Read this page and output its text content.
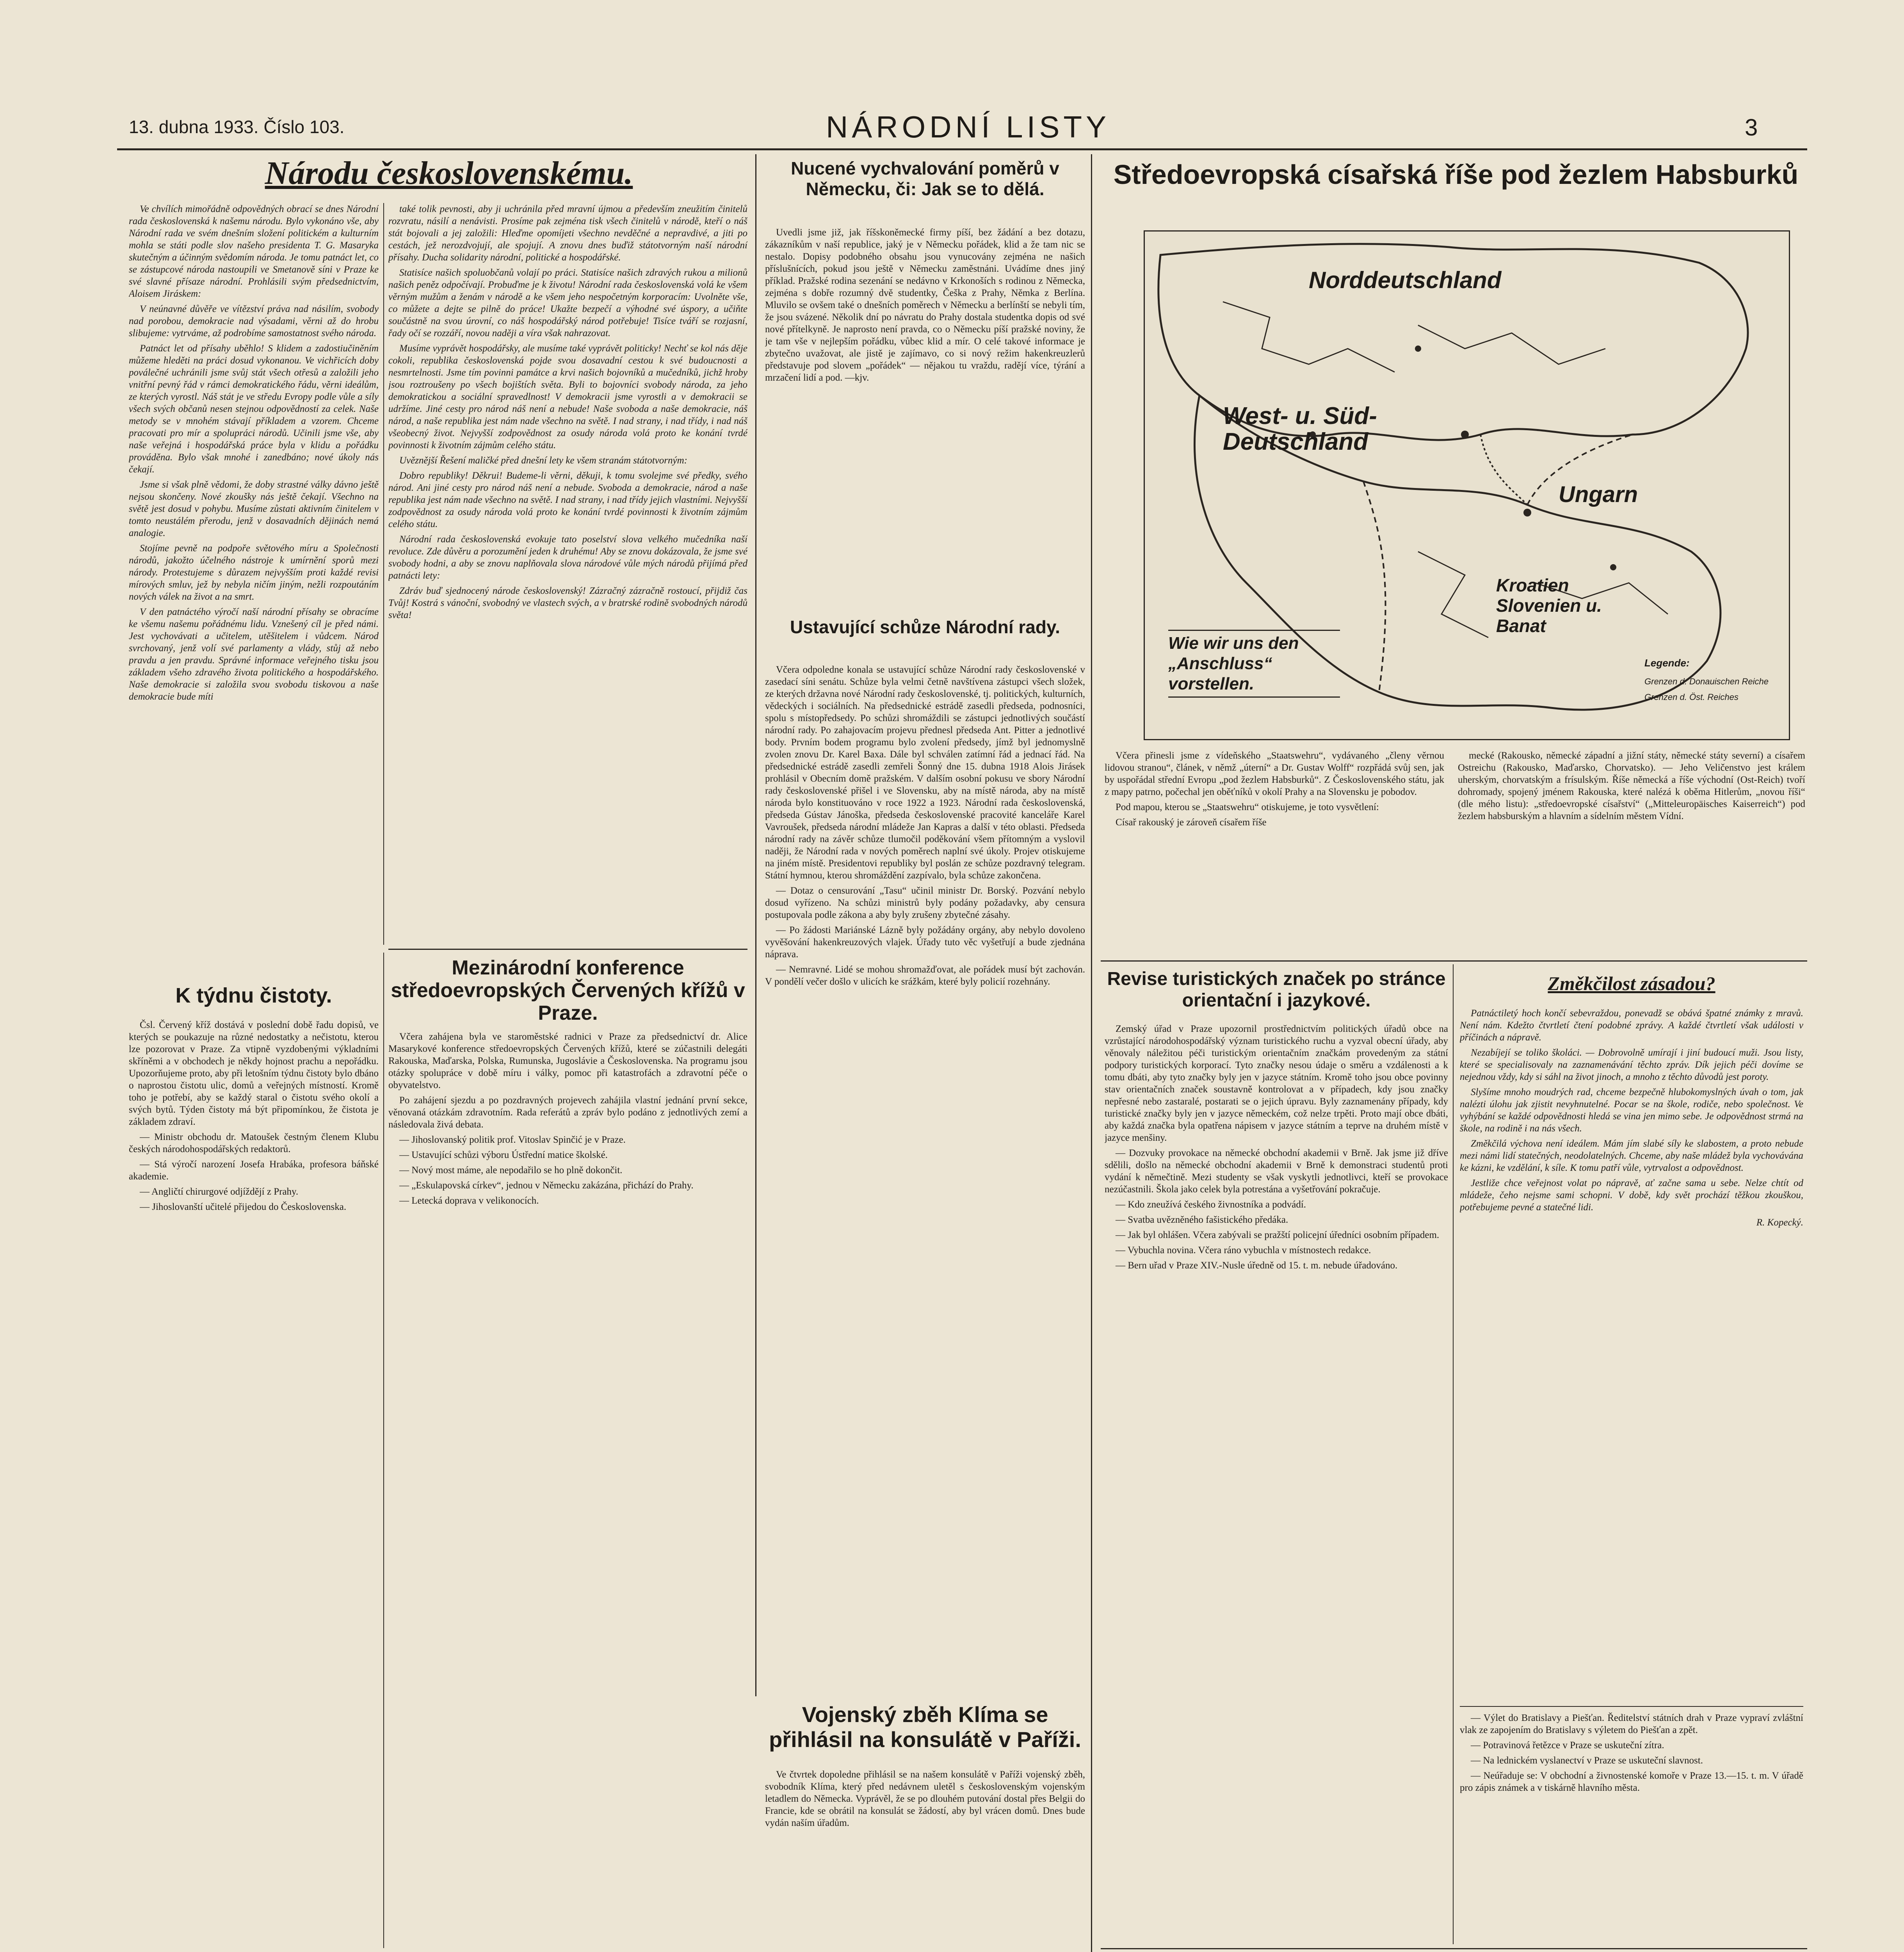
13. dubna 1933. Číslo 103.	NÁRODNÍ LISTY	3
Národu československému.

Ve chvílích mimořádně odpovědných obrací se dnes Národní rada československá k našemu národu. Bylo vykonáno vše, aby Národní rada ve svém dnešním složení politickém a kulturním mohla se státi podle slov našeho presidenta T. G. Masaryka skutečným a účinným svědomím národa. Je tomu patnáct let, co se zástupcové národa nastoupili ve Smetanově síni v Praze ke své slavné přísaze národní. Prohlásili svým předsednictvím, Aloisem Jiráskem:

V neúnavné důvěře ve vítězství práva nad násilím, svobody nad porobou, demokracie nad výsadami, věrni až do hrobu slibujeme: vytrváme, až podrobíme samostatnost svého národa.

Patnáct let od přísahy uběhlo! S klidem a zadostiučiněním můžeme hleděti na práci dosud vykonanou. Ve vichřicích doby poválečné uchránili jsme svůj stát všech otřesů a založili jeho vnitřní pevný řád v rámci demokratického řádu, věrni ideálům, ze kterých vyrostl. Náš stát je ve středu Evropy podle vůle a síly všech svých občanů nesen stejnou odpovědností za celek. Naše metody se v mnohém stávají příkladem a vzorem. Chceme pracovati pro mír a spolupráci národů. Učinili jsme vše, aby naše veřejná i hospodářská práce byla v klidu a pořádku prováděna. Bylo však mnohé i zanedbáno; nové úkoly nás čekají.

Jsme si však plně vědomi, že doby strastné války dávno ještě nejsou skončeny. Nové zkoušky nás ještě čekají. Všechno na světě jest dosud v pohybu. Musíme zůstati aktivním činitelem v tomto neustálém přerodu, jenž v dosavadních dějinách nemá analogie.

Stojíme pevně na podpoře světového míru a Společnosti národů, jakožto účelného nástroje k umírnění sporů mezi národy. Protestujeme s důrazem nejvyšším proti každé revisi mírových smluv, jež by nebyla ničím jiným, nežli rozpoutáním nových válek na život a na smrt.

V den patnáctého výročí naší národní přísahy se obracíme ke všemu našemu pořádnému lidu. Vznešený cíl je před námi. Jest vychovávati a učitelem, utěšitelem i vůdcem. Národ svrchovaný, jenž volí své parlamenty a vlády, stůj až nebo pravdu a jen pravdu. Správné informace veřejného tisku jsou základem všeho zdravého života politického a hospodářského. Naše demokracie si založila svou svobodu tiskovou a naše demokracie bude míti

také tolik pevnosti, aby ji uchránila před mravní újmou a především zneužitím činitelů rozvratu, násilí a nenávisti. Prosíme pak zejména tisk všech činitelů v národě, kteří o náš stát bojovali a jej založili: Hleďme opomíjeti všechno nevděčné a nepravdivé, a jiti po cestách, jež nerozdvojují, ale spojují. A znovu dnes buďiž státotvorným naší národní přísahy. Ducha solidarity národní, politické a hospodářské.

Statisíce našich spoluobčanů volají po práci. Statisíce našich zdravých rukou a milionů našich peněz odpočívají. Probuďme je k životu! Národní rada československá volá ke všem věrným mužům a ženám v národě a ke všem jeho nespočetným korporacím: Uvolněte vše, co můžete a dejte se pilně do práce! Ukažte bezpečí a výhodné své úspory, a učiňte součástně na svou úrovní, co náš hospodářský národ potřebuje! Tisíce tváří se rozjasní, řady očí se rozzáří, novou naději a víra však nahrazovat.

Musíme vyprávět hospodářsky, ale musíme také vyprávět politicky! Nechť se kol nás děje cokoli, republika československá pojde svou dosavadní cestou k své budoucnosti a nesmrtelnosti. Jsme tím povinni památce a krvi našich bojovníků a mučedníků, jichž hroby jsou roztroušeny po všech bojištích světa. Byli to bojovníci svobody národa, za jeho demokratickou a sociální spravedlnost! V demokracii jsme vyrostli a v demokracii se udržíme. Jiné cesty pro národ náš není a nebude! Naše svoboda a naše demokracie, náš národ, a naše republika jest nám nade všechno na světě. I nad strany, i nad třídy, i nad náš všeobecný život. Nejvyšší zodpovědnost za osudy národa volá proto ke konání tvrdé povinnosti k životním zájmům celého státu.

Uvěznější Řešení maličké před dnešní lety ke všem stranám státotvorným:

Dobro republiky! Děkrui! Budeme-li věrni, děkuji, k tomu svolejme své předky, svého národ. Ani jiné cesty pro národ náš není a nebude. Svoboda a demokracie, národ a naše republika jest nám nade všechno na světě. I nad strany, i nad třídy jejich vlastními. Nejvyšší zodpovědnost za osudy národa volá proto ke konání tvrdé povinnosti k životním zájmům celého státu.

Národní rada československá evokuje tato poselství slova velkého mučedníka naší revoluce. Zde důvěru a porozumění jeden k druhému! Aby se znovu dokázovala, že jsme své svobody hodni, a aby se znovu naplňovala slova národové vůle mých národů přijímá před patnácti lety:

Zdráv buď sjednocený národe československý! Zázračný zázračně rostoucí, přijdiž čas Tvůj! Kostrá s vánoční, svobodný ve vlastech svých, a v bratrské rodině svobodných národů světa!

Nucené vychvalování poměrů v Německu, či: Jak se to dělá.

Uvedli jsme již, jak říšskoněmecké firmy píší, bez žádání a bez dotazu, zákazníkům v naší republice, jaký je v Německu pořádek, klid a že tam nic se nestalo. Dopisy podobného obsahu jsou vynucovány zejména ne našich příslušnících, pokud jsou ještě v Německu zaměstnáni. Uvádíme dnes jiný příklad. Pražské rodina sezenání se nedávno v Krkonoších s rodinou z Německa, zejména s dobře rozumný dvě studentky, Češka z Prahy, Němka z Berlína. Mluvilo se ovšem také o dnešních poměrech v Německu a berlínští se nebyli tím, že jsou svázené. Několik dní po návratu do Prahy dostala studentka dopis od své nové přítelkyně. Je naprosto není pravda, co o Německu píší pražské noviny, že je tam vše v nejlepším pořádku, vůbec klid a mír. O celé takové informace je zbytečno uvažovat, ale jistě je zajímavo, co si nový režim hakenkreuzlerů představuje pod slovem „pořádek“ — nějakou tu vraždu, radějí více, týrání a mrzačení lidí a pod. —kjv.

Ustavující schůze Národní rady.

Včera odpoledne konala se ustavující schůze Národní rady československé v zasedací síni senátu. Schůze byla velmi četně navštívena zástupci všech složek, ze kterých državna nové Národní rady československé, tj. politických, kulturních, vědeckých i sociálních. Na předsednické estrádě zasedli předseda, podnosníci, spolu s místopředsedy. Po schůzi shromáždili se zástupci jednotlivých součástí národní rady. Po zahajovacím projevu přednesl předseda Ant. Pitter a jednotlivé body. Prvním bodem programu bylo zvolení předsedy, jímž byl jednomyslně zvolen znovu Dr. Karel Baxa. Dále byl schválen zatímní řád a jednací řád. Na předsednické estrádě zasedli zemřeli Šonný dne 15. dubna 1918 Alois Jirásek prohlásil v Obecním domě pražském. V dalším osobní pokusu ve sbory Národní rady československé přišel i ve Slovensku, aby na místě národa, aby na místě národa bylo konstituováno v roce 1922 a 1923. Národní rada československá, předseda Gústav Jánoška, předseda československé pracovité kanceláře Karel Vavroušek, předseda národní mládeže Jan Kapras a další v této oblasti. Předseda národní rady na závěr schůze tlumočil poděkování všem přítomným a vyslovil naději, že Národní rada v nových poměrech naplní své úkoly. Projev otiskujeme na jiném místě. Presidentovi republiky byl poslán ze schůze pozdravný telegram. Státní hymnou, kterou shromáždění zazpívalo, byla schůze zakončena.

— Dotaz o censurování „Tasu“ učinil ministr Dr. Borský. Pozvání nebylo dosud vyřízeno. Na schůzi ministrů byly podány požadavky, aby censura postupovala podle zákona a aby byly zrušeny zbytečné zásahy.

— Po žádosti Mariánské Lázně byly požádány orgány, aby nebylo dovoleno vyvěšování hakenkreuzových vlajek. Úřady tuto věc vyšetřují a bude zjednána náprava.

— Nemravné. Lidé se mohou shromažďovat, ale pořádek musí být zachován. V pondělí večer došlo v ulicích ke srážkám, které byly policií rozehnány.

Středoevropská císařská říše pod žezlem Habsburků
Norddeutschland
West- u. Süd-Deutschland
Ungarn
Kroatien Slovenien u. Banat
Wie wir uns den „Anschluss“ vorstellen.
Legende:
Grenzen d. Donauischen Reiche
Grenzen d. Öst. Reiches

Včera přinesli jsme z vídeňského „Staatswehru“, vydávaného „členy věrnou lidovou stranou“, článek, v němž „úterní“ a Dr. Gustav Wolff“ rozpřádá svůj sen, jak by uspořádal střední Evropu „pod žezlem Habsburků“. Z Československého státu, jak z mapy patrno, počechal jen oběťníků v okolí Prahy a na Slovensku je pobodov.

Pod mapou, kterou se „Staatswehru“ otiskujeme, je toto vysvětlení:

Císař rakouský je zároveň císařem říše

mecké (Rakousko, německé západní a jižní státy, německé státy severní) a císařem Ostreichu (Rakousko, Maďarsko, Chorvatsko). — Jeho Veličenstvo jest králem uherským, chorvatským a frísulským. Říše německá a říše východní (Ost-Reich) tvoří dohromady, spojený jménem Rakouska, které nalézá k oběma Hitlerům, „novou říši“ (dle mého listu): „středoevropské císařství“ („Mitteleuropäisches Kaiserreich“) pod žezlem habsburským a hlavním a sídelním městem Vídní.

Revise turistických značek po stránce orientační i jazykové.

Zemský úřad v Praze upozornil prostřednictvím politických úřadů obce na vzrůstající národohospodářský význam turistického ruchu a vyzval obecní úřady, aby věnovaly náležitou péči turistickým orientačním značkám provedeným za státní podpory turistických korporací. Tyto značky nesou údaje o směru a vzdálenosti a k tomu dbáti, aby tyto značky byly jen v jazyce státním. Kromě toho jsou obce povinny stav orientačních značek soustavně kontrolovat a v případech, kdy jsou značky nepřesné nebo zastaralé, postarati se o jejich úpravu. Byly zaznamenány případy, kdy turistické značky byly jen v jazyce německém, což nelze trpěti. Proto mají obce dbáti, aby každá značka byla opatřena nápisem v jazyce státním a teprve na druhém místě v jazyce menšiny.

— Dozvuky provokace na německé obchodní akademii v Brně. Jak jsme již dříve sdělili, došlo na německé obchodní akademii v Brně k demonstraci studentů proti vydání k němečtině. Mezi studenty se však vyskytli jednotlivci, kteří se provokace nezúčastnili. Škola jako celek byla potrestána a vyšetřování pokračuje.

— Kdo zneužívá českého živnostníka a podvádí.

— Svatba uvězněného fašistického předáka.

— Jak byl ohlášen. Včera zabývali se pražští policejní úředníci osobním případem.

— Vybuchla novina. Včera ráno vybuchla v místnostech redakce.

— Bern uřad v Praze XIV.-Nusle úředně od 15. t. m. nebude úřadováno.

Změkčilost zásadou?

Patnáctiletý hoch končí sebevraždou, ponevadž se obává špatné známky z mravů. Není nám. Kdežto čtvrtletí čtení podobné zprávy. A každé čtvrtletí však události v příčinách a nápravě.

Nezabíjejí se toliko školáci. — Dobrovolně umírají i jiní budoucí muži. Jsou listy, které se specialisovaly na zaznamenávání těchto zpráv. Dík jejich péči dovíme se nejednou vždy, kdy si sáhl na život jinoch, a mnoho z těchto důvodů jest poroty.

Slyšíme mnoho moudrých rad, chceme bezpečně hlubokomyslných úvah o tom, jak nalézti úlohu jak zjistit nevyhnutelné. Pocar se na škole, rodiče, nebo společnost. Ve vyhýbání se každé odpovědnosti hledá se vina jen mimo sebe. Je odpovědnost strmá na škole, na rodině i na nás všech.

Změkčilá výchova není ideálem. Mám jím slabé síly ke slabostem, a proto nebude mezi námi lidí statečných, neodolatelných. Chceme, aby naše mládež byla vychovávána ke kázni, ke vzdělání, k síle. K tomu patří vůle, vytrvalost a odpovědnost.

Jestliže chce veřejnost volat po nápravě, ať začne sama u sebe. Nelze chtít od mládeže, čeho nejsme sami schopni. V době, kdy svět prochází těžkou zkouškou, potřebujeme pevné a statečné lidi.

R. Kopecký.

— Výlet do Bratislavy a Piešťan. Ředitelství státních drah v Praze vypraví zvláštní vlak ze zapojením do Bratislavy s výletem do Piešťan a zpět.

— Potravinová řetězce v Praze se uskuteční zítra.

— Na lednickém vyslanectví v Praze se uskuteční slavnost.

— Neúřaduje se: V obchodní a živnostenské komoře v Praze 13.—15. t. m. V úřadě pro zápis známek a v tiskárně hlavního města.

K týdnu čistoty.

Čsl. Červený kříž dostává v poslední době řadu dopisů, ve kterých se poukazuje na různé nedostatky a nečistotu, kterou lze pozorovat v Praze. Za vtipně vyzdobenými výkladními skříněmi a v obchodech je někdy hojnost prachu a nepořádku. Upozorňujeme proto, aby při letošním týdnu čistoty bylo dbáno o naprostou čistotu ulic, domů a veřejných místností. Kromě toho je potřebí, aby se každý staral o čistotu svého okolí a svých bytů. Týden čistoty má být připomínkou, že čistota je základem zdraví.

— Ministr obchodu dr. Matoušek čestným členem Klubu českých národohospodářských redaktorů.

— Stá výročí narození Josefa Hrabáka, profesora báňské akademie.

— Angličtí chirurgové odjíždějí z Prahy.

— Jihoslovanští učitelé přijedou do Československa.

Mezinárodní konference středoevropských Červených křížů v Praze.

Včera zahájena byla ve staroměstské radnici v Praze za předsednictví dr. Alice Masarykové konference středoevropských Červených křížů, které se zúčastnili delegáti Rakouska, Maďarska, Polska, Rumunska, Jugoslávie a Československa. Na programu jsou otázky spolupráce v době míru i války, pomoc při katastrofách a zdravotní péče o obyvatelstvo.

Po zahájení sjezdu a po pozdravných projevech zahájila vlastní jednání první sekce, věnovaná otázkám zdravotním. Rada referátů a zpráv bylo podáno z jednotlivých zemí a následovala živá debata.

— Jihoslovanský politik prof. Vitoslav Spinčić je v Praze.

— Ustavující schůzi výboru Ústřední matice školské.

— Nový most máme, ale nepodařilo se ho plně dokončit.

— „Eskulapovská církev“, jednou v Německu zakázána, přichází do Prahy.

— Letecká doprava v velikonocích.

Vojenský zběh Klíma se přihlásil na konsulátě v Paříži.

Ve čtvrtek dopoledne přihlásil se na našem konsulátě v Paříži vojenský zběh, svobodník Klíma, který před nedávnem uletěl s československým vojenským letadlem do Německa. Vyprávěl, že se po dlouhém putování dostal přes Belgii do Francie, kde se obrátil na konsulát se žádostí, aby byl vrácen domů. Dnes bude vydán naším úřadům.
